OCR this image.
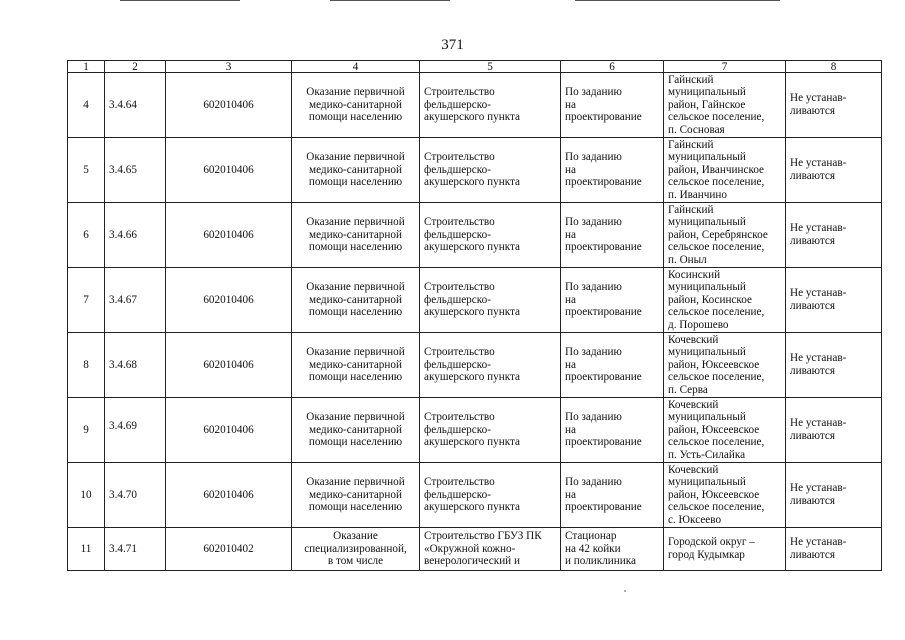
371
1	2	3	4	5	6	7	8
4	3.4.64	602010406	Оказание первичной
медико-санитарной
помощи населению	Строительство
фельдшерско-
акушерского пункта	По заданию
на
проектирование	Гайнский
муниципальный
район, Гайнское
сельское поселение,
п. Сосновая	Не устанав-
ливаются
5	3.4.65	602010406	Оказание первичной
медико-санитарной
помощи населению	Строительство
фельдшерско-
акушерского пункта	По заданию
на
проектирование	Гайнский
муниципальный
район, Иванчинское
сельское поселение,
п. Иванчино	Не устанав-
ливаются
6	3.4.66	602010406	Оказание первичной
медико-санитарной
помощи населению	Строительство
фельдшерско-
акушерского пункта	По заданию
на
проектирование	Гайнский
муниципальный
район, Серебрянское
сельское поселение,
п. Оныл	Не устанав-
ливаются
7	3.4.67	602010406	Оказание первичной
медико-санитарной
помощи населению	Строительство
фельдшерско-
акушерского пункта	По заданию
на
проектирование	Косинский
муниципальный
район, Косинское
сельское поселение,
д. Порошево	Не устанав-
ливаются
8	3.4.68	602010406	Оказание первичной
медико-санитарной
помощи населению	Строительство
фельдшерско-
акушерского пункта	По заданию
на
проектирование	Кочевский
муниципальный
район, Юксеевское
сельское поселение,
п. Серва	Не устанав-
ливаются
9	3.4.69	602010406	Оказание первичной
медико-санитарной
помощи населению	Строительство
фельдшерско-
акушерского пункта	По заданию
на
проектирование	Кочевский
муниципальный
район, Юксеевское
сельское поселение,
п. Усть-Силайка	Не устанав-
ливаются
10	3.4.70	602010406	Оказание первичной
медико-санитарной
помощи населению	Строительство
фельдшерско-
акушерского пункта	По заданию
на
проектирование	Кочевский
муниципальный
район, Юксеевское
сельское поселение,
с. Юксеево	Не устанав-
ливаются
11	3.4.71	602010402	Оказание
специализированной,
в том числе	Строительство ГБУЗ ПК
«Окружной кожно-
венерологический и	Стационар
на 42 койки
и поликлиника	Городской округ –
город Кудымкар	Не устанав-
ливаются
